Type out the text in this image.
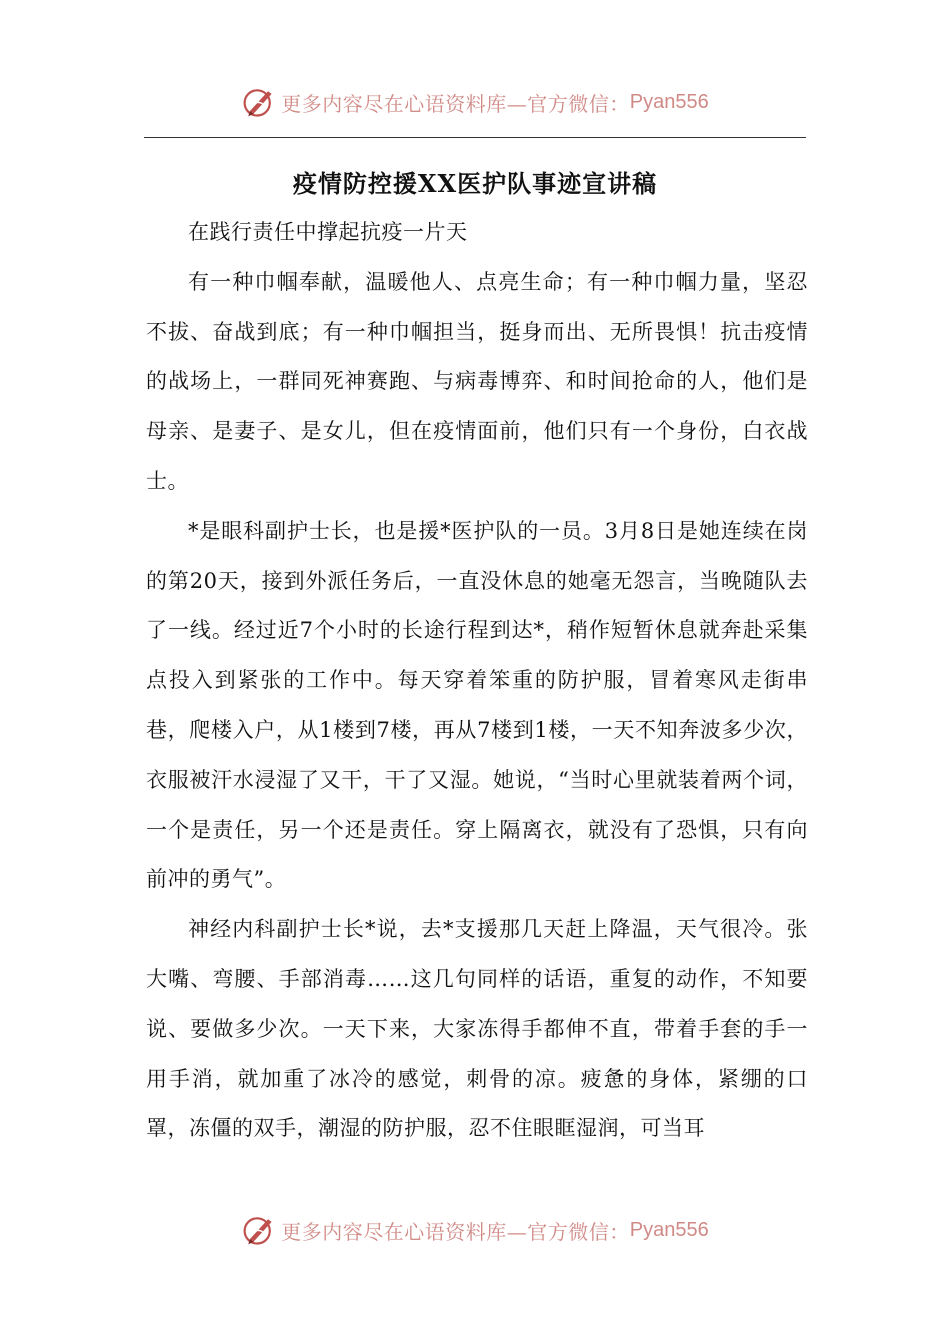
更多内容尽在心语资料库—官方微信： Pyan556
疫情防控援XX医护队事迹宣讲稿

在践行责任中撑起抗疫一片天

有一种巾帼奉献，温暖他人、点亮生命；有一种巾帼力量，坚忍不拔、奋战到底；有一种巾帼担当，挺身而出、无所畏惧！抗击疫情的战场上，一群同死神赛跑、与病毒博弈、和时间抢命的人，他们是母亲、是妻子、是女儿，但在疫情面前，他们只有一个身份，白衣战士。

*是眼科副护士长，也是援*医护队的一员。3月8日是她连续在岗的第20天，接到外派任务后，一直没休息的她毫无怨言，当晚随队去了一线。经过近7个小时的长途行程到达*，稍作短暂休息就奔赴采集点投入到紧张的工作中。每天穿着笨重的防护服，冒着寒风走街串巷，爬楼入户，从1楼到7楼，再从7楼到1楼，一天不知奔波多少次，衣服被汗水浸湿了又干，干了又湿。她说，“当时心里就装着两个词，一个是责任，另一个还是责任。穿上隔离衣，就没有了恐惧，只有向前冲的勇气”。

神经内科副护士长*说，去*支援那几天赶上降温，天气很冷。张大嘴、弯腰、手部消毒……这几句同样的话语，重复的动作，不知要说、要做多少次。一天下来，大家冻得手都伸不直，带着手套的手一用手消，就加重了冰冷的感觉，刺骨的凉。疲惫的身体，紧绷的口罩，冻僵的双手，潮湿的防护服，忍不住眼眶湿润，可当耳

更多内容尽在心语资料库—官方微信： Pyan556
